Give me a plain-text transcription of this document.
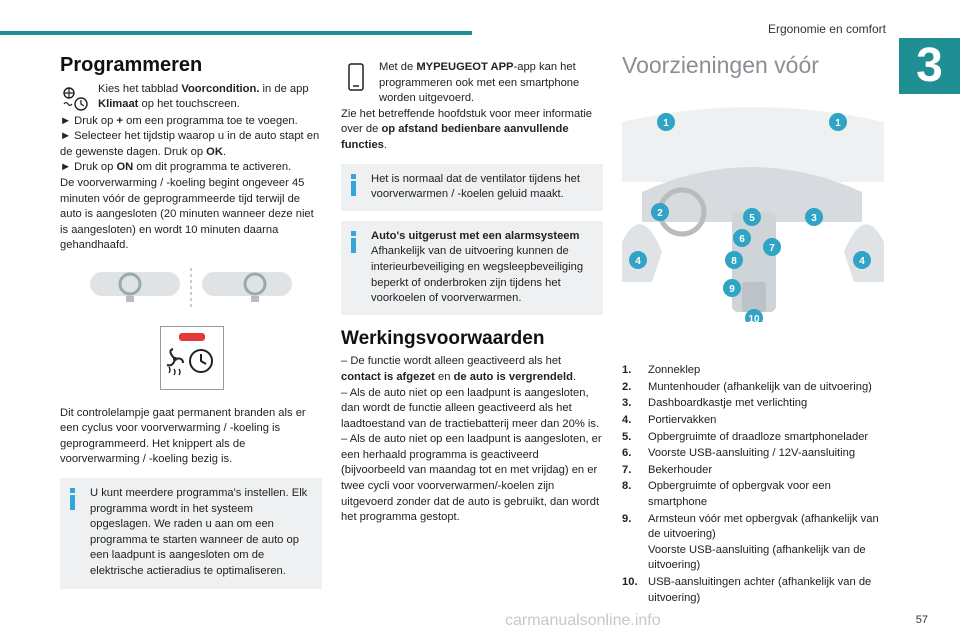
Ergonomie en comfort
3
Programmeren

Kies het tabblad Voorcondition. in de app Klimaat op het touchscreen.

► Druk op + om een programma toe te voegen.

► Selecteer het tijdstip waarop u in de auto stapt en de gewenste dagen. Druk op OK.

► Druk op ON om dit programma te activeren.

De voorverwarming / -koeling begint ongeveer 45 minuten vóór de geprogrammeerde tijd terwijl de auto is aangesloten (20 minuten wanneer deze niet is aangesloten) en wordt 10 minuten daarna gehandhaafd.

Dit controlelampje gaat permanent branden als er een cyclus voor voorverwarming / -koeling is geprogrammeerd. Het knippert als de voorverwarming / -koeling bezig is.

U kunt meerdere programma's instellen. Elk programma wordt in het systeem opgeslagen. We raden u aan om een programma te starten wanneer de auto op een laadpunt is aangesloten om de elektrische actieradius te optimaliseren.

Met de MYPEUGEOT APP-app kan het programmeren ook met een smartphone worden uitgevoerd.

Zie het betreffende hoofdstuk voor meer informatie over de op afstand bedienbare aanvullende functies.

Het is normaal dat de ventilator tijdens het voorverwarmen / -koelen geluid maakt.

Auto's uitgerust met een alarmsysteem

Afhankelijk van de uitvoering kunnen de interieurbeveiliging en wegsleepbeveiliging beperkt of onderbroken zijn tijdens het voorkoelen of voorverwarmen.

Werkingsvoorwaarden

– De functie wordt alleen geactiveerd als het contact is afgezet en de auto is vergrendeld.

– Als de auto niet op een laadpunt is aangesloten, dan wordt de functie alleen geactiveerd als het laadtoestand van de tractiebatterij meer dan 20% is.

– Als de auto niet op een laadpunt is aangesloten, er een herhaald programma is geactiveerd (bijvoorbeeld van maandag tot en met vrijdag) en er twee cycli voor voorverwarmen/-koelen zijn uitgevoerd zonder dat de auto is gebruikt, dan wordt het programma gestopt.

Voorzieningen vóór
1	1
2	5	3
6
7
4	8	4
9
10
1. Zonneklep
2. Muntenhouder (afhankelijk van de uitvoering)
3. Dashboardkastje met verlichting
4. Portiervakken
5. Opbergruimte of draadloze smartphonelader
6. Voorste USB-aansluiting / 12V-aansluiting
7. Bekerhouder
8. Opbergruimte of opbergvak voor een smartphone
9. Armsteun vóór met opbergvak (afhankelijk van de uitvoering)
Voorste USB-aansluiting (afhankelijk van de uitvoering)
10. USB-aansluitingen achter (afhankelijk van de uitvoering)
carmanualsonline.info	57
